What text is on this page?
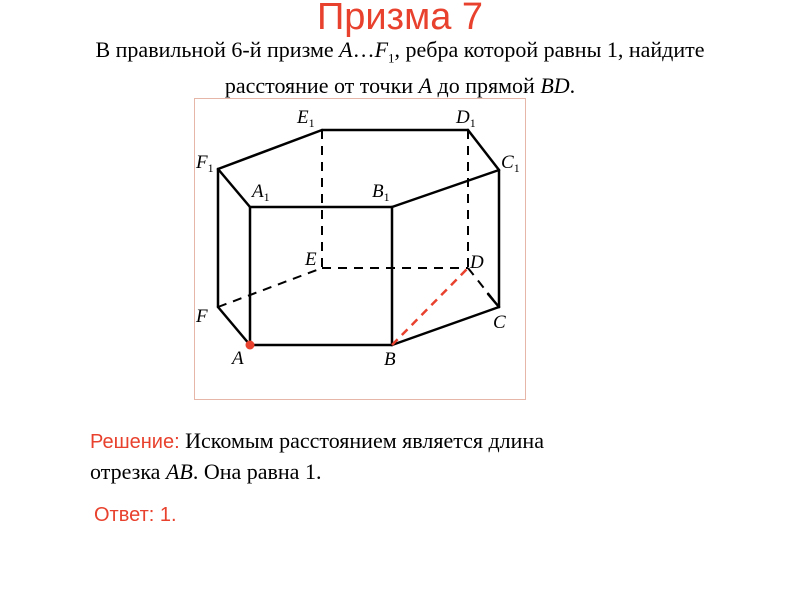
Призма 7
В правильной 6-й призме $A\dots F_1$, ребра которой равны 1, найдите
расстояние от точки A до прямой BD.
$E_1$	$D_1$
$F_1$	$C_1$
$A_1$	$B_1$
E	D
F	C
A	B
Решение: Искомым расстоянием является длина
отрезка AB. Она равна 1.
Ответ: 1.
